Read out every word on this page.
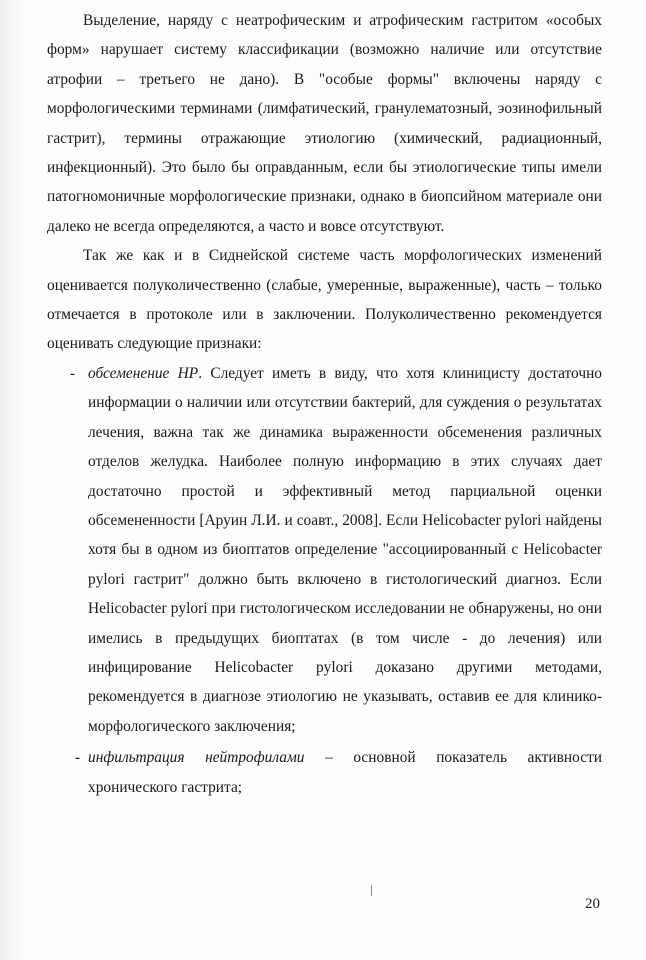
Выделение, наряду с неатрофическим и атрофическим гастритом «особых форм» нарушает систему классификации (возможно наличие или отсутствие атрофии – третьего не дано). В "особые формы" включены наряду с морфологическими терминами (лимфатический, гранулематозный, эозинофильный гастрит), термины отражающие этиологию (химический, радиационный, инфекционный). Это было бы оправданным, если бы этиологические типы имели патогномоничные морфологические признаки, однако в биопсийном материале они далеко не всегда определяются, а часто и вовсе отсутствуют.

Так же как и в Сиднейской системе часть морфологических изменений оценивается полуколичественно (слабые, умеренные, выраженные), часть – только отмечается в протоколе или в заключении. Полуколичественно рекомендуется оценивать следующие признаки:

- обсеменение HP. Следует иметь в виду, что хотя клиницисту достаточно информации о наличии или отсутствии бактерий, для суждения о результатах лечения, важна так же динамика выраженности обсеменения различных отделов желудка. Наиболее полную информацию в этих случаях дает достаточно простой и эффективный метод парциальной оценки обсемененности [Аруин Л.И. и соавт., 2008]. Если Helicobacter pylori найдены хотя бы в одном из биоптатов определение "ассоциированный с Helicobacter pylori гастрит" должно быть включено в гистологический диагноз. Если Helicobacter pylori при гистологическом исследовании не обнаружены, но они имелись в предыдущих биоптатах (в том числе - до лечения) или инфицирование Helicobacter pylori доказано другими методами, рекомендуется в диагнозе этиологию не указывать, оставив ее для клинико-морфологического заключения;
- инфильтрация нейтрофилами – основной показатель активности хронического гастрита;
20
